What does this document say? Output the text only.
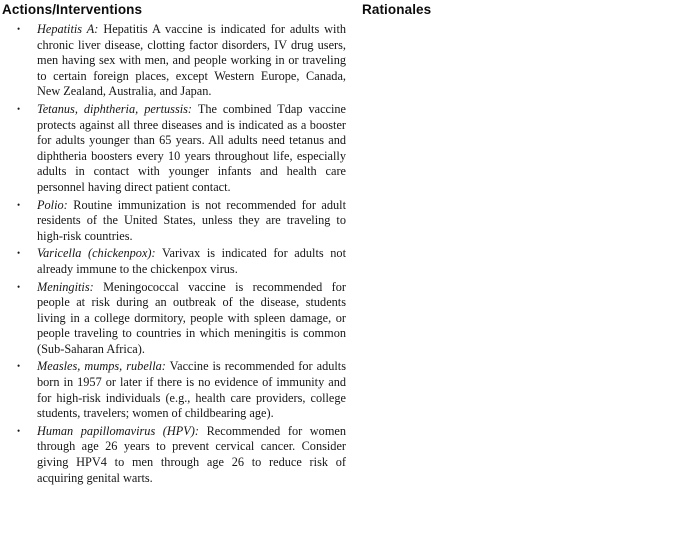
Actions/Interventions
•	Hepatitis A: Hepatitis A vaccine is indicated for adults with chronic liver disease, clotting factor disorders, IV drug users, men having sex with men, and people working in or traveling to certain foreign places, except Western Europe, Canada, New Zealand, Australia, and Japan.
•	Tetanus, diphtheria, pertussis: The combined Tdap vaccine protects against all three diseases and is indicated as a booster for adults younger than 65 years. All adults need tetanus and diphtheria boosters every 10 years throughout life, especially adults in contact with younger infants and health care personnel having direct patient contact.
•	Polio: Routine immunization is not recommended for adult residents of the United States, unless they are traveling to high-risk countries.
•	Varicella (chickenpox): Varivax is indicated for adults not already immune to the chickenpox virus.
•	Meningitis: Meningococcal vaccine is recommended for people at risk during an outbreak of the disease, students living in a college dormitory, people with spleen damage, or people traveling to countries in which meningitis is common (Sub-Saharan Africa).
•	Measles, mumps, rubella: Vaccine is recommended for adults born in 1957 or later if there is no evidence of immunity and for high-risk individuals (e.g., health care providers, college students, travelers; women of childbearing age).
•	Human papillomavirus (HPV): Recommended for women through age 26 years to prevent cervical cancer. Consider giving HPV4 to men through age 26 to reduce risk of acquiring genital warts.
Rationales
